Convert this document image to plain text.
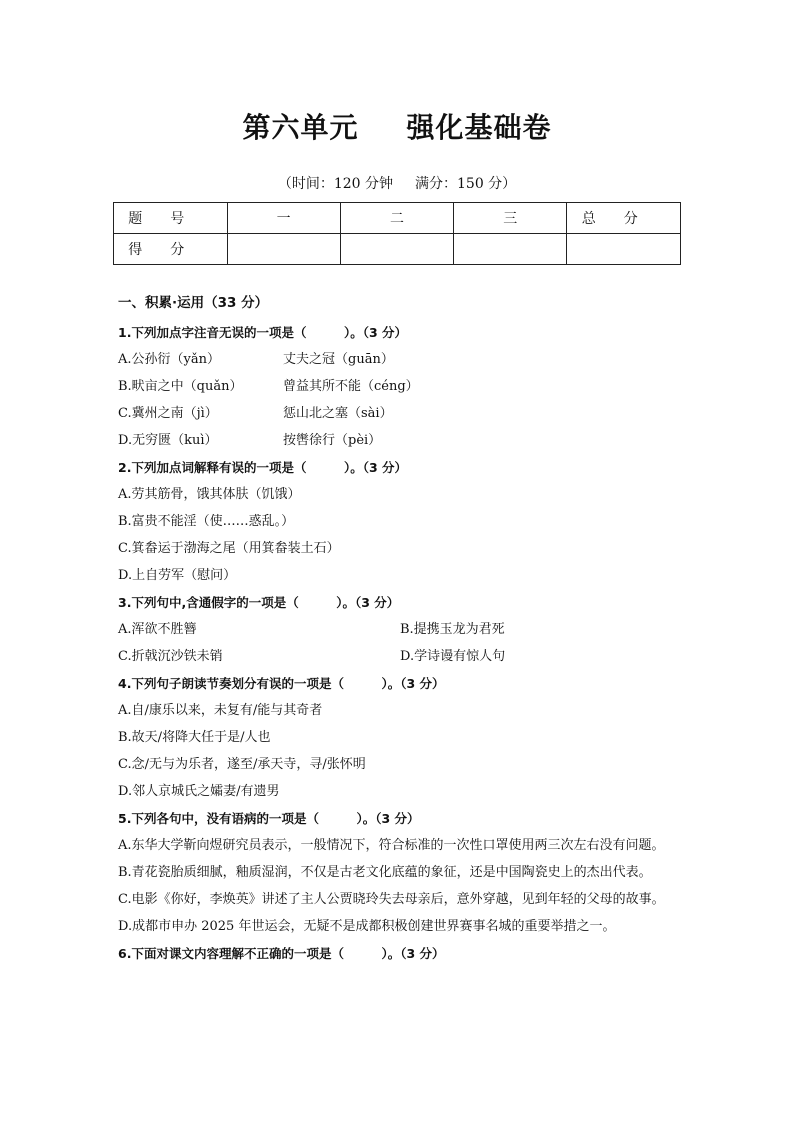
第六单元 强化基础卷
（时间：120 分钟 满分：150 分）
题号	一	二	三	总分
得分				
一、积累·运用（33 分）
1.下列加点字注音无误的一项是（　　　）。（3 分）
A.公孙衍（yǎn）	丈夫之冠（guān）
B.畎亩之中（quǎn）	曾益其所不能（céng）
C.冀州之南（jì）	惩山北之塞（sài）
D.无穷匮（kuì）	按辔徐行（pèi）
2.下列加点词解释有误的一项是（　　　）。（3 分）
A.劳其筋骨，饿其体肤（饥饿）
B.富贵不能淫（使……惑乱。）
C.箕畚运于渤海之尾（用箕畚装土石）
D.上自劳军（慰问）
3.下列句中,含通假字的一项是（　　　）。（3 分）
A.浑欲不胜簪	B.提携玉龙为君死
C.折戟沉沙铁未销	D.学诗谩有惊人句
4.下列句子朗读节奏划分有误的一项是（　　　）。（3 分）
A.自/康乐以来，未复有/能与其奇者
B.故天/将降大任于是/人也
C.念/无与为乐者，遂至/承天寺，寻/张怀明
D.邻人京城氏之孀妻/有遗男
5.下列各句中，没有语病的一项是（　　　）。（3 分）
A.东华大学靳向煜研究员表示，一般情况下，符合标准的一次性口罩使用两三次左右没有问题。
B.青花瓷胎质细腻，釉质湿润，不仅是古老文化底蕴的象征，还是中国陶瓷史上的杰出代表。
C.电影《你好，李焕英》讲述了主人公贾晓玲失去母亲后，意外穿越，见到年轻的父母的故事。
D.成都市申办 2025 年世运会，无疑不是成都积极创建世界赛事名城的重要举措之一。
6.下面对课文内容理解不正确的一项是（　　　）。（3 分）
